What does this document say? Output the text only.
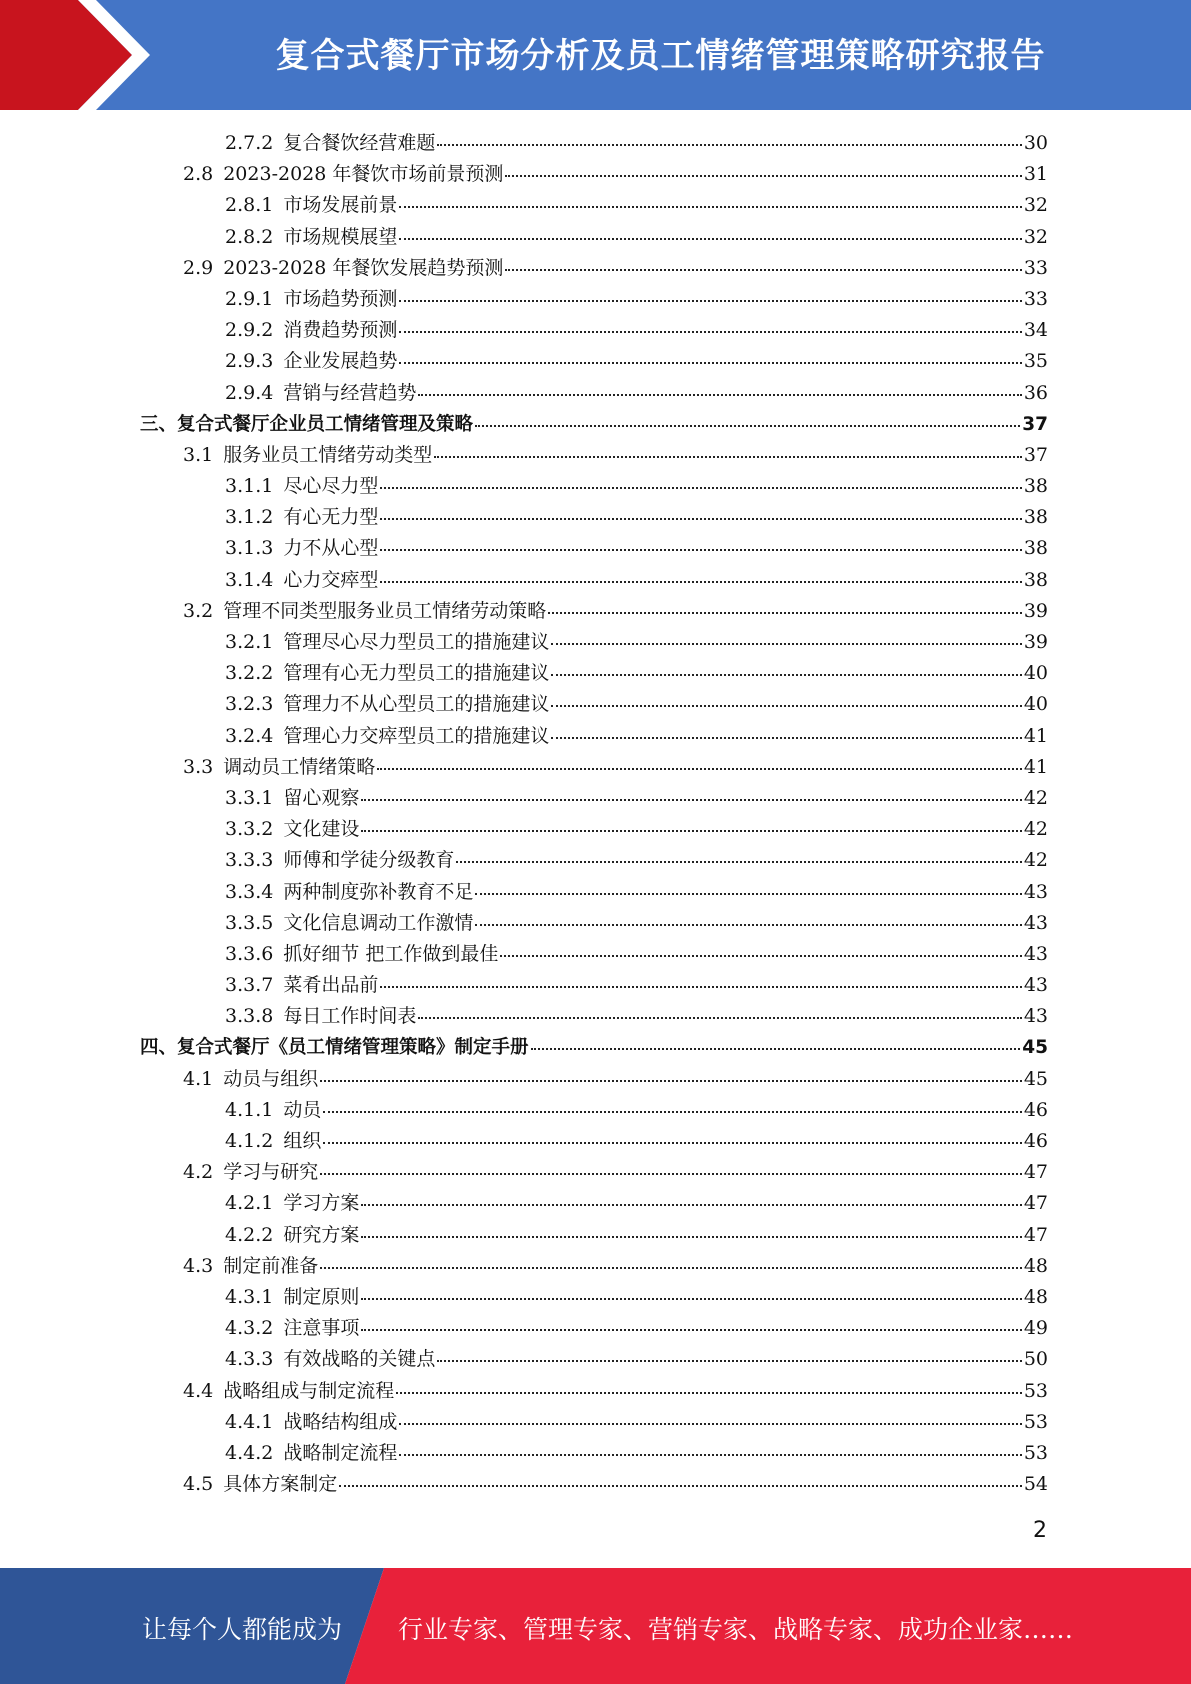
复合式餐厅市场分析及员工情绪管理策略研究报告
2.7.2 复合餐饮经营难题	30
2.8 2023-2028 年餐饮市场前景预测	31
2.8.1 市场发展前景	32
2.8.2 市场规模展望	32
2.9 2023-2028 年餐饮发展趋势预测	33
2.9.1 市场趋势预测	33
2.9.2 消费趋势预测	34
2.9.3 企业发展趋势	35
2.9.4 营销与经营趋势	36
三、 复合式餐厅企业员工情绪管理及策略	37
3.1 服务业员工情绪劳动类型	37
3.1.1 尽心尽力型	38
3.1.2 有心无力型	38
3.1.3 力不从心型	38
3.1.4 心力交瘁型	38
3.2 管理不同类型服务业员工情绪劳动策略	39
3.2.1 管理尽心尽力型员工的措施建议	39
3.2.2 管理有心无力型员工的措施建议	40
3.2.3 管理力不从心型员工的措施建议	40
3.2.4 管理心力交瘁型员工的措施建议	41
3.3 调动员工情绪策略	41
3.3.1 留心观察	42
3.3.2 文化建设	42
3.3.3 师傅和学徒分级教育	42
3.3.4 两种制度弥补教育不足	43
3.3.5 文化信息调动工作激情	43
3.3.6 抓好细节 把工作做到最佳	43
3.3.7 菜肴出品前	43
3.3.8 每日工作时间表	43
四、 复合式餐厅《员工情绪管理策略》制定手册	45
4.1 动员与组织	45
4.1.1 动员	46
4.1.2 组织	46
4.2 学习与研究	47
4.2.1 学习方案	47
4.2.2 研究方案	47
4.3 制定前准备	48
4.3.1 制定原则	48
4.3.2 注意事项	49
4.3.3 有效战略的关键点	50
4.4 战略组成与制定流程	53
4.4.1 战略结构组成	53
4.4.2 战略制定流程	53
4.5 具体方案制定	54
2
让每个人都能成为 行业专家、管理专家、营销专家、战略专家、成功企业家……
